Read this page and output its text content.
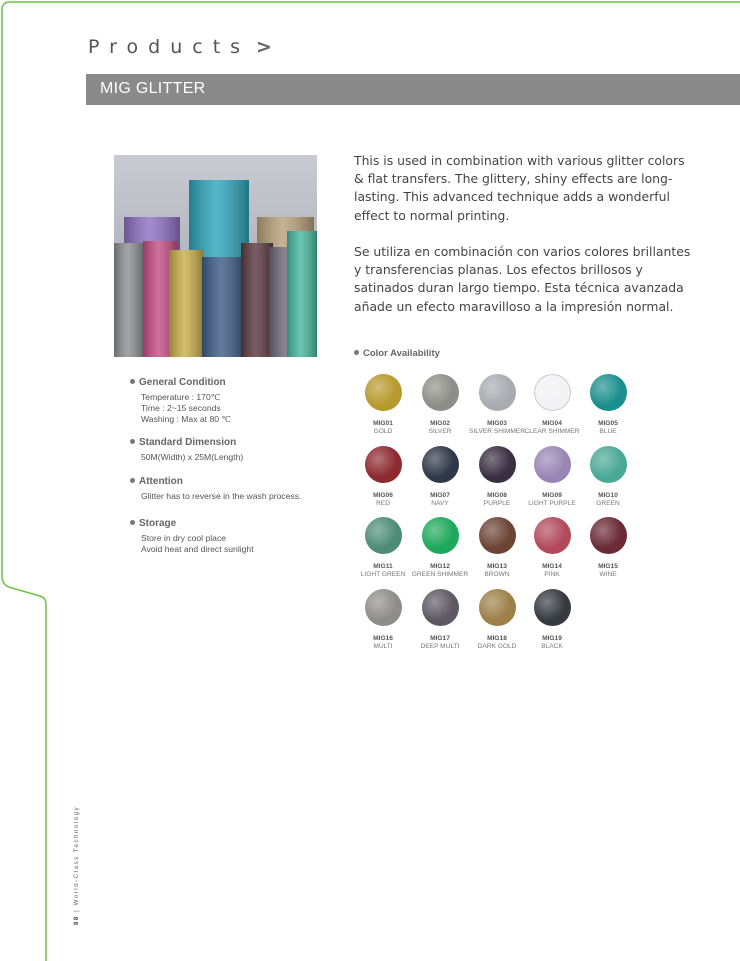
Products >
MIG GLITTER
This is used in combination with various glitter colors & flat transfers. The glittery, shiny effects are long-lasting. This advanced technique adds a wonderful effect to normal printing.
Se utiliza en combinación con varios colores brillantes y transferencias planas. Los efectos brillosos y satinados duran largo tiempo. Esta técnica avanzada añade un efecto maravilloso a la impresión normal.
General Condition
Temperature : 170℃
Time : 2~15 seconds
Washing : Max at 80 ℃
Standard Dimension
50M(Width) x 25M(Length)
Attention
Glitter has to reverse in the wash process.
Storage
Store in dry cool place
Avoid heat and direct sunlight
Color Availability
MIG01
GOLD
MIG02
SILVER
MIG03
SILVER SHIMMER
MIG04
CLEAR SHIMMER
MIG05
BLUE
MIG06
RED
MIG07
NAVY
MIG08
PURPLE
MIG09
LIGHT PURPLE
MIG10
GREEN
MIG11
LIGHT GREEN
MIG12
GREEN SHIMMER
MIG13
BROWN
MIG14
PINK
MIG15
WINE
MIG16
MULTI
MIG17
DEEP MULTI
MIG18
DARK GOLD
MIG19
BLACK
88 | World-Class Technology
